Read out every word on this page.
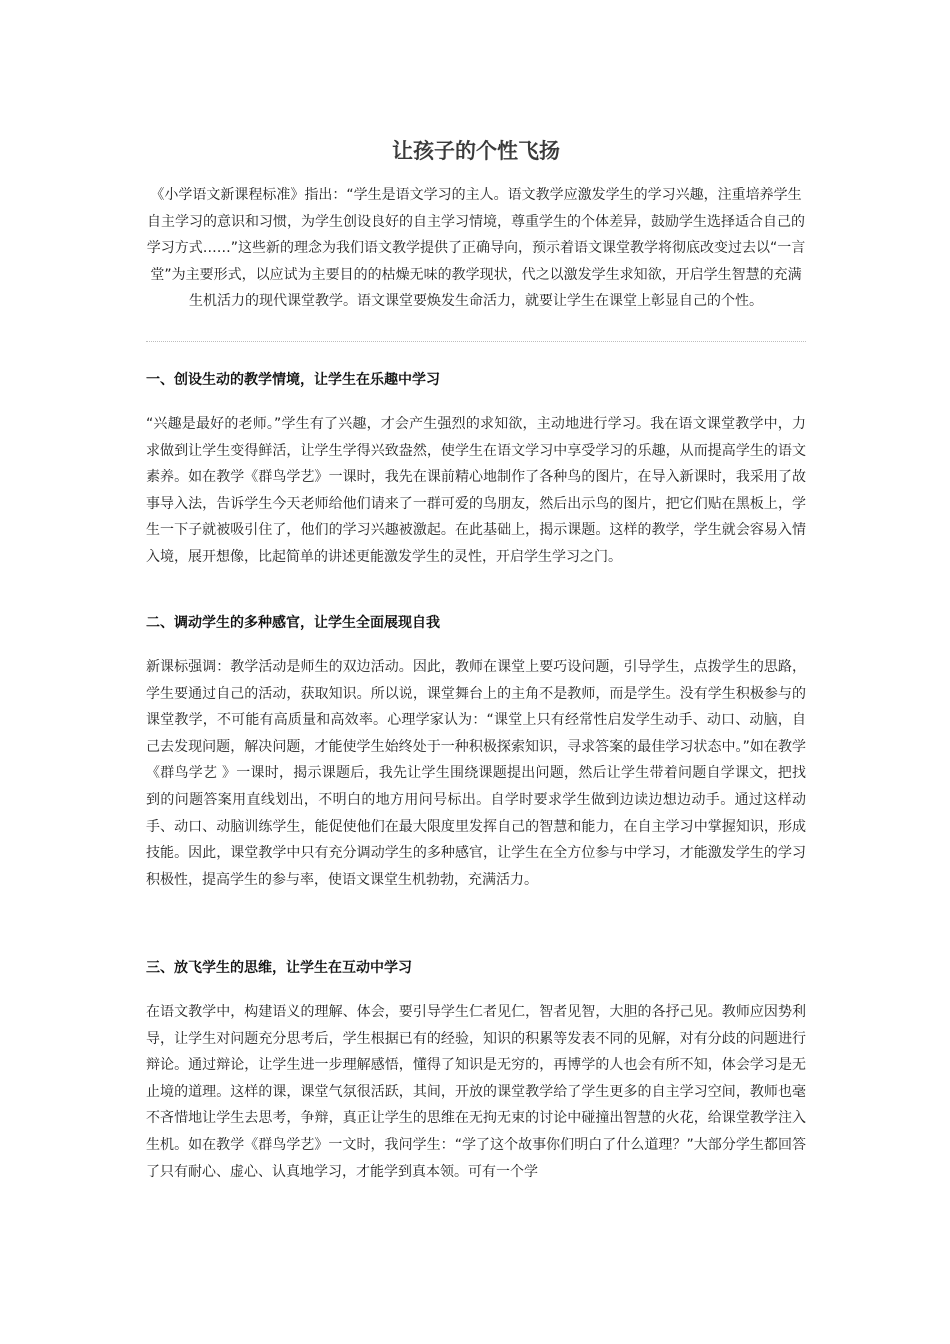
让孩子的个性飞扬

《小学语文新课程标准》指出：“学生是语文学习的主人。语文教学应激发学生的学习兴趣，注重培养学生自主学习的意识和习惯，为学生创设良好的自主学习情境，尊重学生的个体差异，鼓励学生选择适合自己的学习方式……”这些新的理念为我们语文教学提供了正确导向，预示着语文课堂教学将彻底改变过去以“一言堂”为主要形式，以应试为主要目的的枯燥无味的教学现状，代之以激发学生求知欲，开启学生智慧的充满生机活力的现代课堂教学。语文课堂要焕发生命活力，就要让学生在课堂上彰显自己的个性。

一、创设生动的教学情境，让学生在乐趣中学习

“兴趣是最好的老师。”学生有了兴趣，才会产生强烈的求知欲，主动地进行学习。我在语文课堂教学中，力求做到让学生变得鲜活，让学生学得兴致盎然，使学生在语文学习中享受学习的乐趣，从而提高学生的语文素养。如在教学《群鸟学艺》一课时，我先在课前精心地制作了各种鸟的图片，在导入新课时，我采用了故事导入法，告诉学生今天老师给他们请来了一群可爱的鸟朋友，然后出示鸟的图片，把它们贴在黑板上，学生一下子就被吸引住了，他们的学习兴趣被激起。在此基础上，揭示课题。这样的教学，学生就会容易入情入境，展开想像，比起简单的讲述更能激发学生的灵性，开启学生学习之门。

二、调动学生的多种感官，让学生全面展现自我

新课标强调：教学活动是师生的双边活动。因此，教师在课堂上要巧设问题，引导学生，点拨学生的思路，学生要通过自己的活动，获取知识。所以说，课堂舞台上的主角不是教师，而是学生。没有学生积极参与的课堂教学，不可能有高质量和高效率。心理学家认为：“课堂上只有经常性启发学生动手、动口、动脑，自己去发现问题，解决问题，才能使学生始终处于一种积极探索知识，寻求答案的最佳学习状态中。”如在教学《群鸟学艺 》一课时，揭示课题后，我先让学生围绕课题提出问题，然后让学生带着问题自学课文，把找到的问题答案用直线划出，不明白的地方用问号标出。自学时要求学生做到边读边想边动手。通过这样动手、动口、动脑训练学生，能促使他们在最大限度里发挥自己的智慧和能力，在自主学习中掌握知识，形成技能。因此，课堂教学中只有充分调动学生的多种感官，让学生在全方位参与中学习，才能激发学生的学习积极性，提高学生的参与率，使语文课堂生机勃勃，充满活力。

三、放飞学生的思维，让学生在互动中学习

在语文教学中，构建语义的理解、体会，要引导学生仁者见仁，智者见智，大胆的各抒己见。教师应因势利导，让学生对问题充分思考后，学生根据已有的经验，知识的积累等发表不同的见解，对有分歧的问题进行辩论。通过辩论，让学生进一步理解感悟，懂得了知识是无穷的，再博学的人也会有所不知，体会学习是无止境的道理。这样的课，课堂气氛很活跃，其间，开放的课堂教学给了学生更多的自主学习空间，教师也毫不吝惜地让学生去思考，争辩，真正让学生的思维在无拘无束的讨论中碰撞出智慧的火花，给课堂教学注入生机。如在教学《群鸟学艺》一文时，我问学生：“学了这个故事你们明白了什么道理？”大部分学生都回答了只有耐心、虚心、认真地学习，才能学到真本领。可有一个学
